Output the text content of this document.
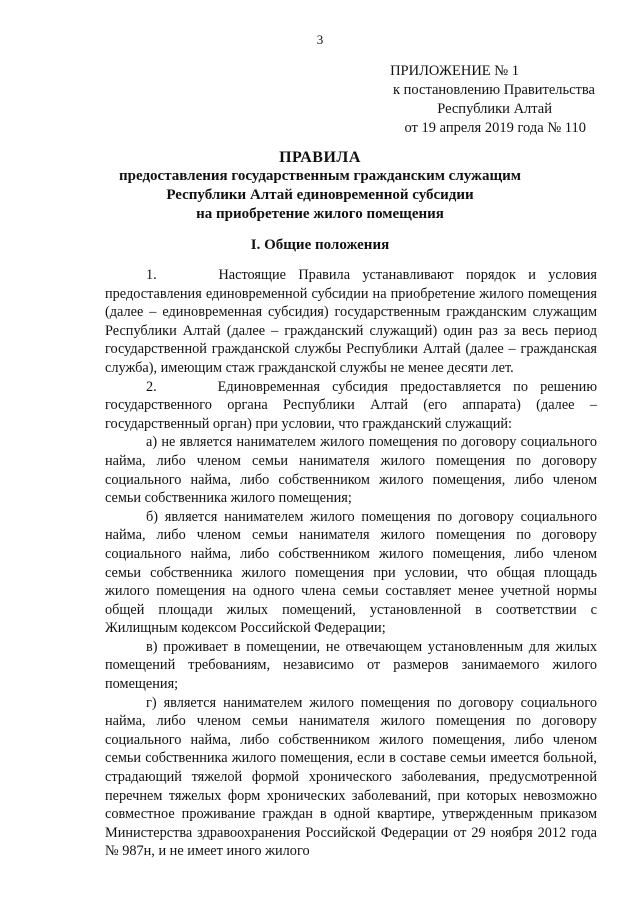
3
ПРИЛОЖЕНИЕ № 1
к постановлению Правительства
Республики Алтай
от 19 апреля 2019 года № 110
ПРАВИЛА
предоставления государственным гражданским служащим
Республики Алтай единовременной субсидии
на приобретение жилого помещения
I. Общие положения

1.     Настоящие Правила устанавливают порядок и условия предоставления единовременной субсидии на приобретение жилого помещения (далее – единовременная субсидия) государственным гражданским служащим Республики Алтай (далее – гражданский служащий) один раз за весь период государственной гражданской службы Республики Алтай (далее – гражданская служба), имеющим стаж гражданской службы не менее десяти лет.

2.     Единовременная субсидия предоставляется по решению государственного органа Республики Алтай (его аппарата) (далее – государственный орган) при условии, что гражданский служащий:

а) не является нанимателем жилого помещения по договору социального найма, либо членом семьи нанимателя жилого помещения по договору социального найма, либо собственником жилого помещения, либо членом семьи собственника жилого помещения;

б) является нанимателем жилого помещения по договору социального найма, либо членом семьи нанимателя жилого помещения по договору социального найма, либо собственником жилого помещения, либо членом семьи собственника жилого помещения при условии, что общая площадь жилого помещения на одного члена семьи составляет менее учетной нормы общей площади жилых помещений, установленной в соответствии с Жилищным кодексом Российской Федерации;

в) проживает в помещении, не отвечающем установленным для жилых помещений требованиям, независимо от размеров занимаемого жилого помещения;

г) является нанимателем жилого помещения по договору социального найма, либо членом семьи нанимателя жилого помещения по договору социального найма, либо собственником жилого помещения, либо членом семьи собственника жилого помещения, если в составе семьи имеется больной, страдающий тяжелой формой хронического заболевания, предусмотренной перечнем тяжелых форм хронических заболеваний, при которых невозможно совместное проживание граждан в одной квартире, утвержденным приказом Министерства здравоохранения Российской Федерации от 29 ноября 2012 года № 987н, и не имеет иного жилого
